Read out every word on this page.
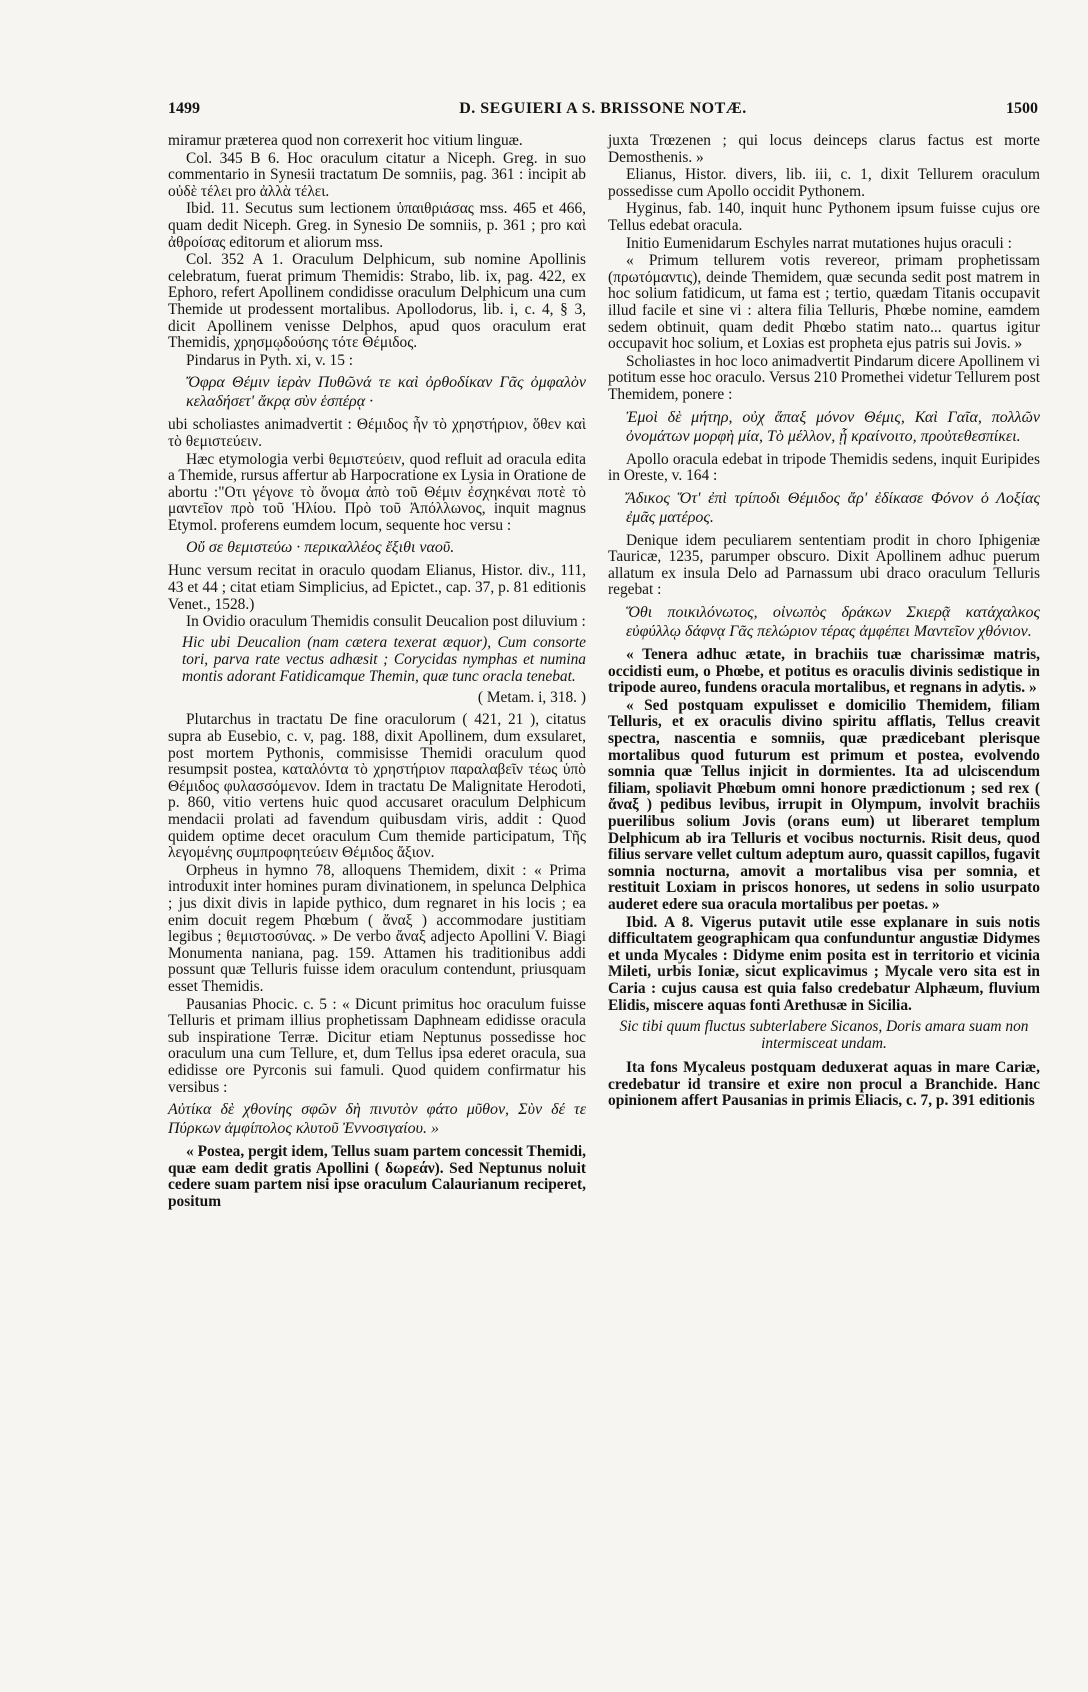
1499	D. SEGUIERI A S. BRISSONE NOTÆ.	1500

miramur præterea quod non correxerit hoc vitium linguæ.

Col. 345 B 6. Hoc oraculum citatur a Niceph. Greg. in suo commentario in Synesii tractatum De somniis, pag. 361 : incipit ab οὐδὲ τέλει pro ἀλλὰ τέλει.

Ibid. 11. Secutus sum lectionem ὑπαιθριάσας mss. 465 et 466, quam dedit Niceph. Greg. in Synesio De somniis, p. 361 ; pro καὶ ἀθροίσας editorum et aliorum mss.

Col. 352 A 1. Oraculum Delphicum, sub nomine Apollinis celebratum, fuerat primum Themidis: Strabo, lib. ix, pag. 422, ex Ephoro, refert Apollinem condidisse oraculum Delphicum una cum Themide ut prodessent mortalibus. Apollodorus, lib. i, c. 4, § 3, dicit Apollinem venisse Delphos, apud quos oraculum erat Themidis, χρησμῳδούσης τότε Θέμιδος.

Pindarus in Pyth. xi, v. 15 :

Ὄφρα Θέμιν ἱερὰν Πυθῶνά τε καὶ ὀρθοδίκαν Γᾶς ὀμφαλὸν κελαδήσετ' ἄκρᾳ σὺν ἑσπέρᾳ ·

ubi scholiastes animadvertit : Θέμιδος ἦν τὸ χρηστήριον, ὅθεν καὶ τὸ θεμιστεύειν.

Hæc etymologia verbi θεμιστεύειν, quod refluit ad oracula edita a Themide, rursus affertur ab Harpocratione ex Lysia in Oratione de abortu :"Οτι γέγονε τὸ ὄνομα ἀπὸ τοῦ Θέμιν ἐσχηκέναι ποτὲ τὸ μαντεῖον πρὸ τοῦ Ἡλίου. Πρὸ τοῦ Ἀπόλλωνος, inquit magnus Etymol. proferens eumdem locum, sequente hoc versu :

Οὔ σε θεμιστεύω · περικαλλέος ἔξιθι ναοῦ.

Hunc versum recitat in oraculo quodam Elianus, Histor. div., 111, 43 et 44 ; citat etiam Simplicius, ad Epictet., cap. 37, p. 81 editionis Venet., 1528.)

In Ovidio oraculum Themidis consulit Deucalion post diluvium :

Hic ubi Deucalion (nam cætera texerat æquor), Cum consorte tori, parva rate vectus adhæsit ; Corycidas nymphas et numina montis adorant Fatidicamque Themin, quæ tunc oracla tenebat.

( Metam. i, 318. )

Plutarchus in tractatu De fine oraculorum ( 421, 21 ), citatus supra ab Eusebio, c. v, pag. 188, dixit Apollinem, dum exsularet, post mortem Pythonis, commisisse Themidi oraculum quod resumpsit postea, καταλόντα τὸ χρηστήριον παραλαβεῖν τέως ὑπὸ Θέμιδος φυλασσόμενον. Idem in tractatu De Malignitate Herodoti, p. 860, vitio vertens huic quod accusaret oraculum Delphicum mendacii prolati ad favendum quibusdam viris, addit : Quod quidem optime decet oraculum Cum themide participatum, Τῆς λεγομένης συμπροφητεύειν Θέμιδος ἄξιον.

Orpheus in hymno 78, alloquens Themidem, dixit : « Prima introduxit inter homines puram divinationem, in spelunca Delphica ; jus dixit divis in lapide pythico, dum regnaret in his locis ; ea enim docuit regem Phœbum ( ἄναξ ) accommodare justitiam legibus ; θεμιστοσύνας. » De verbo ἄναξ adjecto Apollini V. Biagi Monumenta naniana, pag. 159. Attamen his traditionibus addi possunt quæ Telluris fuisse idem oraculum contendunt, priusquam esset Themidis.

Pausanias Phocic. c. 5 : « Dicunt primitus hoc oraculum fuisse Telluris et primam illius prophetissam Daphneam edidisse oracula sub inspiratione Terræ. Dicitur etiam Neptunus possedisse hoc oraculum una cum Tellure, et, dum Tellus ipsa ederet oracula, sua edidisse ore Pyrconis sui famuli. Quod quidem confirmatur his versibus :

Αὐτίκα δὲ χθονίης σφῶν δὴ πινυτὸν φάτο μῦθον, Σὺν δέ τε Πύρκων ἀμφίπολος κλυτοῦ Ἐννοσιγαίου. »

« Postea, pergit idem, Tellus suam partem concessit Themidi, quæ eam dedit gratis Apollini ( δωρεάν). Sed Neptunus noluit cedere suam partem nisi ipse oraculum Calaurianum reciperet, positum

juxta Trœzenen ; qui locus deinceps clarus factus est morte Demosthenis. »

Elianus, Histor. divers, lib. iii, c. 1, dixit Tellurem oraculum possedisse cum Apollo occidit Pythonem.

Hyginus, fab. 140, inquit hunc Pythonem ipsum fuisse cujus ore Tellus edebat oracula.

Initio Eumenidarum Eschyles narrat mutationes hujus oraculi :

« Primum tellurem votis revereor, primam prophetissam (πρωτόμαντις), deinde Themidem, quæ secunda sedit post matrem in hoc solium fatidicum, ut fama est ; tertio, quædam Titanis occupavit illud facile et sine vi : altera filia Telluris, Phœbe nomine, eamdem sedem obtinuit, quam dedit Phœbo statim nato... quartus igitur occupavit hoc solium, et Loxias est propheta ejus patris sui Jovis. »

Scholiastes in hoc loco animadvertit Pindarum dicere Apollinem vi potitum esse hoc oraculo. Versus 210 Promethei videtur Tellurem post Themidem, ponere :

Ἐμοὶ δὲ μήτηρ, οὐχ ἅπαξ μόνον Θέμις, Καὶ Γαῖα, πολλῶν ὀνομάτων μορφὴ μία, Τὸ μέλλον, ᾗ κραίνοιτο, προὐτεθεσπίκει.

Apollo oracula edebat in tripode Themidis sedens, inquit Euripides in Oreste, v. 164 :

Ἄδικος Ὅτ' ἐπὶ τρίποδι Θέμιδος ἄρ' ἐδίκασε Φόνον ὁ Λοξίας ἐμᾶς ματέρος.

Denique idem peculiarem sententiam prodit in choro Iphigeniæ Tauricæ, 1235, parumper obscuro. Dixit Apollinem adhuc puerum allatum ex insula Delo ad Parnassum ubi draco oraculum Telluris regebat :

Ὅθι ποικιλόνωτος, οἰνωπὸς δράκων Σκιερᾷ κατάχαλκος εὐφύλλῳ δάφνᾳ Γᾶς πελώριον τέρας ἀμφέπει Μαντεῖον χθόνιον.

« Tenera adhuc ætate, in brachiis tuæ charissimæ matris, occidisti eum, o Phœbe, et potitus es oraculis divinis sedistique in tripode aureo, fundens oracula mortalibus, et regnans in adytis. »

« Sed postquam expulisset e domicilio Themidem, filiam Telluris, et ex oraculis divino spiritu afflatis, Tellus creavit spectra, nascentia e somniis, quæ prædicebant plerisque mortalibus quod futurum est primum et postea, evolvendo somnia quæ Tellus injicit in dormientes. Ita ad ulciscendum filiam, spoliavit Phœbum omni honore prædictionum ; sed rex ( ἄναξ ) pedibus levibus, irrupit in Olympum, involvit brachiis puerilibus solium Jovis (orans eum) ut liberaret templum Delphicum ab ira Telluris et vocibus nocturnis. Risit deus, quod filius servare vellet cultum adeptum auro, quassit capillos, fugavit somnia nocturna, amovit a mortalibus visa per somnia, et restituit Loxiam in priscos honores, ut sedens in solio usurpato auderet edere sua oracula mortalibus per poetas. »

Ibid. A 8. Vigerus putavit utile esse explanare in suis notis difficultatem geographicam qua confunduntur angustiæ Didymes et unda Mycales : Didyme enim posita est in territorio et vicinia Mileti, urbis Ioniæ, sicut explicavimus ; Mycale vero sita est in Caria : cujus causa est quia falso credebatur Alphæum, fluvium Elidis, miscere aquas fonti Arethusæ in Sicilia.

Sic tibi quum fluctus subterlabere Sicanos, Doris amara suam non intermisceat undam.

Ita fons Mycaleus postquam deduxerat aquas in mare Cariæ, credebatur id transire et exire non procul a Branchide. Hanc opinionem affert Pausanias in primis Eliacis, c. 7, p. 391 editionis
